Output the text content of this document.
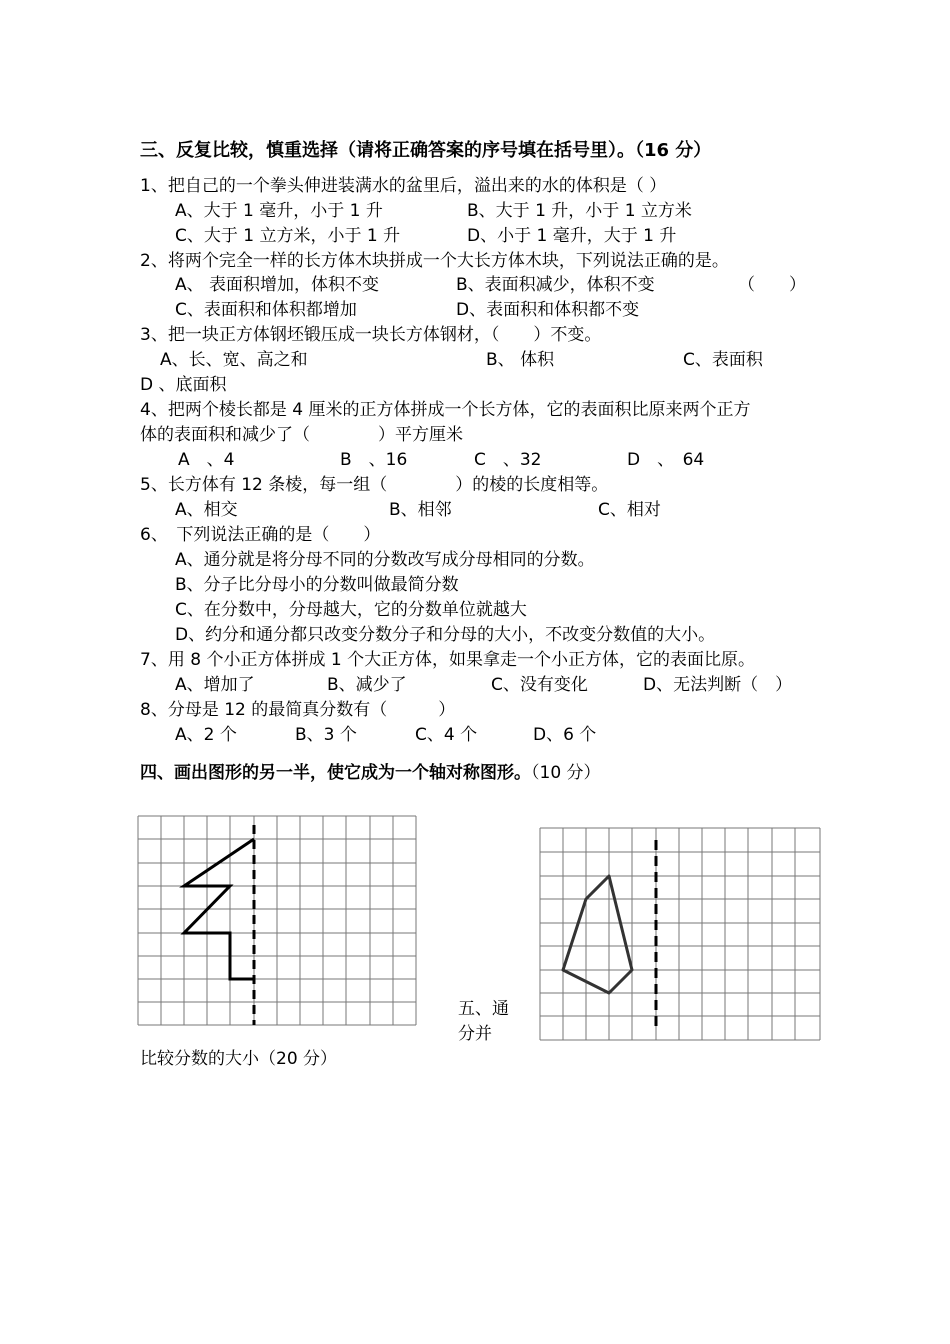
三、反复比较，慎重选择（请将正确答案的序号填在括号里）。（16 分）
1、把自己的一个拳头伸进装满水的盆里后，溢出来的水的体积是（ ）
A、大于 1 毫升，小于 1 升	B、大于 1 升，小于 1 立方米
C、大于 1 立方米，小于 1 升	D、小于 1 毫升，大于 1 升
2、将两个完全一样的长方体木块拼成一个大长方体木块，下列说法正确的是。
A、 表面积增加，体积不变	B、表面积减少，体积不变	（　　）
C、表面积和体积都增加	D、表面积和体积都不变
3、把一块正方体钢坯锻压成一块长方体钢材，（　　）不变。
A、长、宽、高之和	B、 体积	C、表面积
D 、底面积
4、把两个棱长都是 4 厘米的正方体拼成一个长方体，它的表面积比原来两个正方
体的表面积和减少了（　　　　）平方厘米
A　、4	B　、16	C　、32	D　、　64
5、长方体有 12 条棱，每一组（　　　　）的棱的长度相等。
A、相交	B、相邻	C、相对
6、　下列说法正确的是（　　）
A、通分就是将分母不同的分数改写成分母相同的分数。
B、分子比分母小的分数叫做最简分数
C、在分数中，分母越大，它的分数单位就越大
D、约分和通分都只改变分数分子和分母的大小，不改变分数值的大小。
7、用 8 个小正方体拼成 1 个大正方体，如果拿走一个小正方体，它的表面比原。
A、增加了	B、减少了	C、没有变化	D、无法判断（　）
8、分母是 12 的最简真分数有（　　　）
A、2 个	B、3 个	C、4 个	D、6 个
四、画出图形的另一半，使它成为一个轴对称图形。（10 分）
五、通
分并
比较分数的大小（20 分）
